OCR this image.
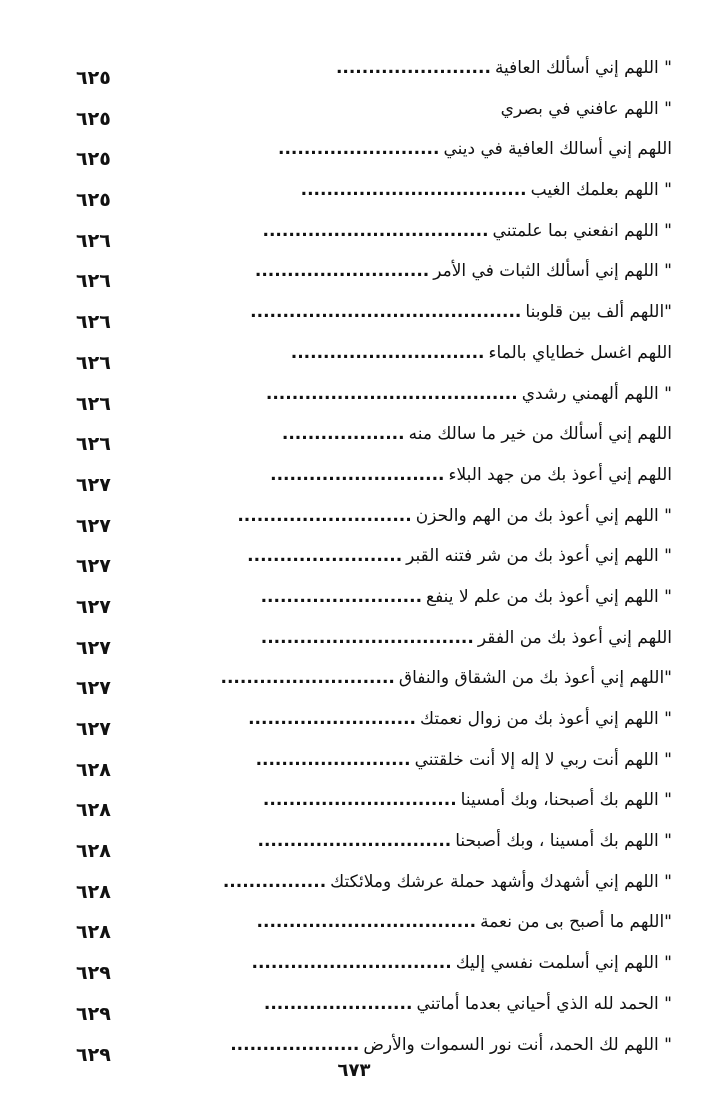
" اللهم إني أسألك العافية........................
٦٢٥
" اللهم عافني في بصري
٦٢٥
اللهم إني أسالك العافية في ديني.........................
٦٢٥
" اللهم بعلمك الغيب...................................
٦٢٥
" اللهم انفعني بما علمتني...................................
٦٢٦
" اللهم إني أسألك الثبات في الأمر...........................
٦٢٦
"اللهم ألف بين قلوبنا..........................................
٦٢٦
اللهم اغسل خطاياي بالماء..............................
٦٢٦
" اللهم ألهمني رشدي.......................................
٦٢٦
اللهم إني أسألك من خير ما سالك منه...................
٦٢٦
اللهم إني أعوذ بك من جهد البلاء...........................
٦٢٧
" اللهم إني أعوذ بك من الهم والحزن...........................
٦٢٧
" اللهم إني أعوذ بك من شر فتنه القبر........................
٦٢٧
" اللهم إني أعوذ بك من علم لا ينفع.........................
٦٢٧
اللهم إني أعوذ بك من الفقر.................................
٦٢٧
"اللهم إني أعوذ بك من الشقاق والنفاق...........................
٦٢٧
" اللهم إني أعوذ بك من زوال نعمتك..........................
٦٢٧
" اللهم أنت ربي لا إله إلا أنت خلقتني........................
٦٢٨
" اللهم بك أصبحنا، وبك أمسينا..............................
٦٢٨
" اللهم بك أمسينا ، وبك أصبحنا..............................
٦٢٨
" اللهم إني أشهدك وأشهد حملة عرشك وملائكتك................
٦٢٨
"اللهم ما أصبح بى من نعمة..................................
٦٢٨
" اللهم إني أسلمت نفسي إليك...............................
٦٢٩
" الحمد لله الذي أحياني بعدما أماتني.......................
٦٢٩
" اللهم لك الحمد، أنت نور السموات والأرض....................
٦٢٩
٦٧٣
